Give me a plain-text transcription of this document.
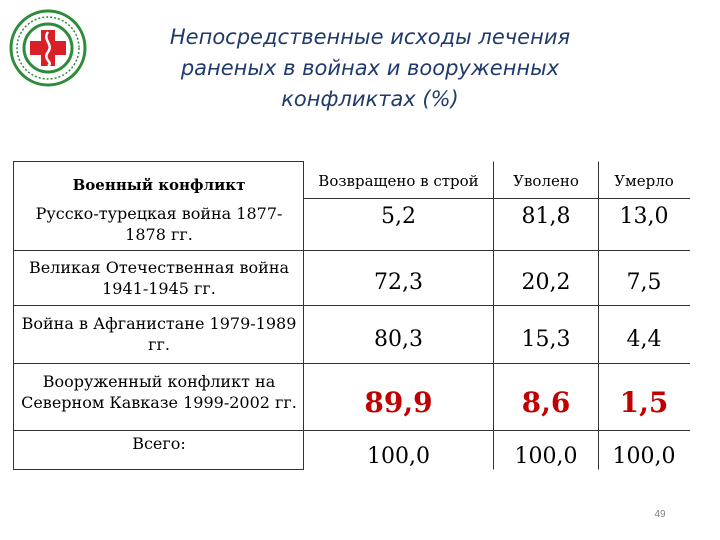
Непосредственные исходы лечения
раненых в войнах и вооруженных
конфликтах (%)
Военный конфликт	Возвращено в строй	Уволено	Умерло
Русско-турецкая война 1877-
1878 гг.
5,2	81,8	13,0
Великая Отечественная война
1941-1945 гг.	72,3	20,2	7,5
Война в Афганистане 1979-1989
гг.	80,3	15,3	4,4
Вооруженный конфликт на
Северном Кавказе 1999-2002 гг.	89,9	8,6	1,5
Всего:
100,0	100,0	100,0
49
